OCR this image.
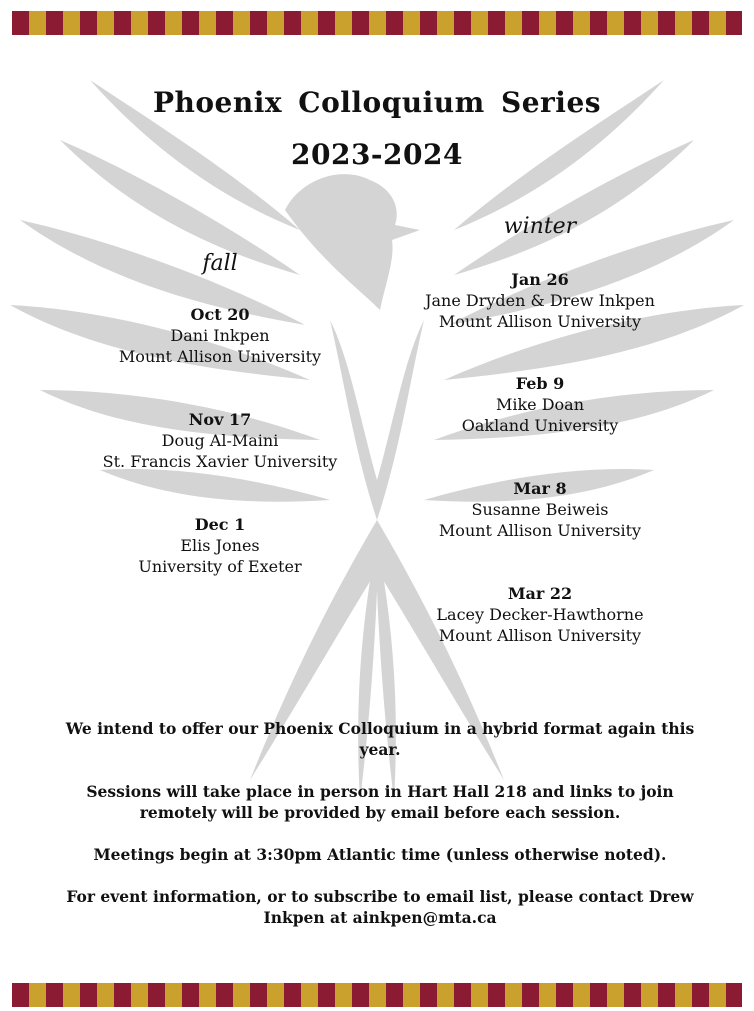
Phoenix Colloquium Series
2023-2024
fall
winter
Oct 20
Dani Inkpen
Mount Allison University
Nov 17
Doug Al-Maini
St. Francis Xavier University
Dec 1
Elis Jones
University of Exeter
Jan 26
Jane Dryden & Drew Inkpen
Mount Allison University
Feb 9
Mike Doan
Oakland University
Mar 8
Susanne Beiweis
Mount Allison University
Mar 22
Lacey Decker-Hawthorne
Mount Allison University

We intend to offer our Phoenix Colloquium in a hybrid format again this year.

Sessions will take place in person in Hart Hall 218 and links to join remotely will be provided by email before each session.

Meetings begin at 3:30pm Atlantic time (unless otherwise noted).

For event information, or to subscribe to email list, please contact Drew Inkpen at ainkpen@mta.ca
